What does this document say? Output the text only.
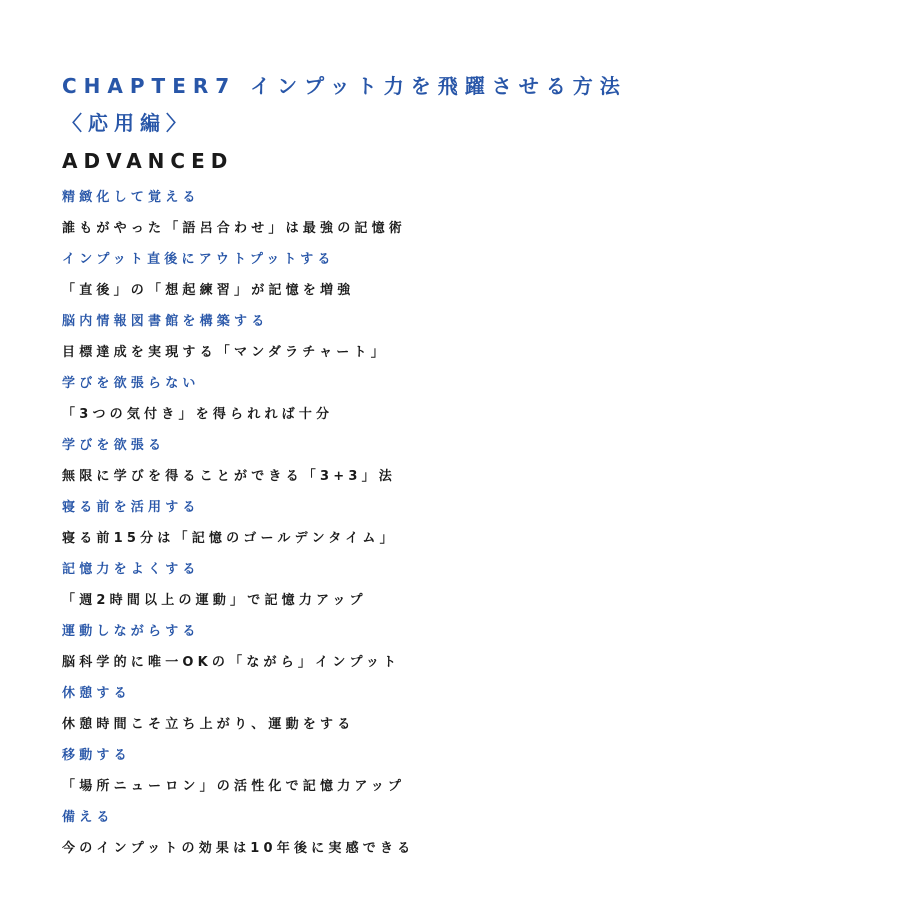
CHAPTER7 インプット力を飛躍させる方法
〈応用編〉
ADVANCED
精緻化して覚える
誰もがやった「語呂合わせ」は最強の記憶術
インプット直後にアウトプットする
「直後」の「想起練習」が記憶を増強
脳内情報図書館を構築する
目標達成を実現する「マンダラチャート」
学びを欲張らない
「3つの気付き」を得られれば十分
学びを欲張る
無限に学びを得ることができる「3+3」法
寝る前を活用する
寝る前15分は「記憶のゴールデンタイム」
記憶力をよくする
「週2時間以上の運動」で記憶力アップ
運動しながらする
脳科学的に唯一OKの「ながら」インプット
休憩する
休憩時間こそ立ち上がり、運動をする
移動する
「場所ニューロン」の活性化で記憶力アップ
備える
今のインプットの効果は10年後に実感できる
